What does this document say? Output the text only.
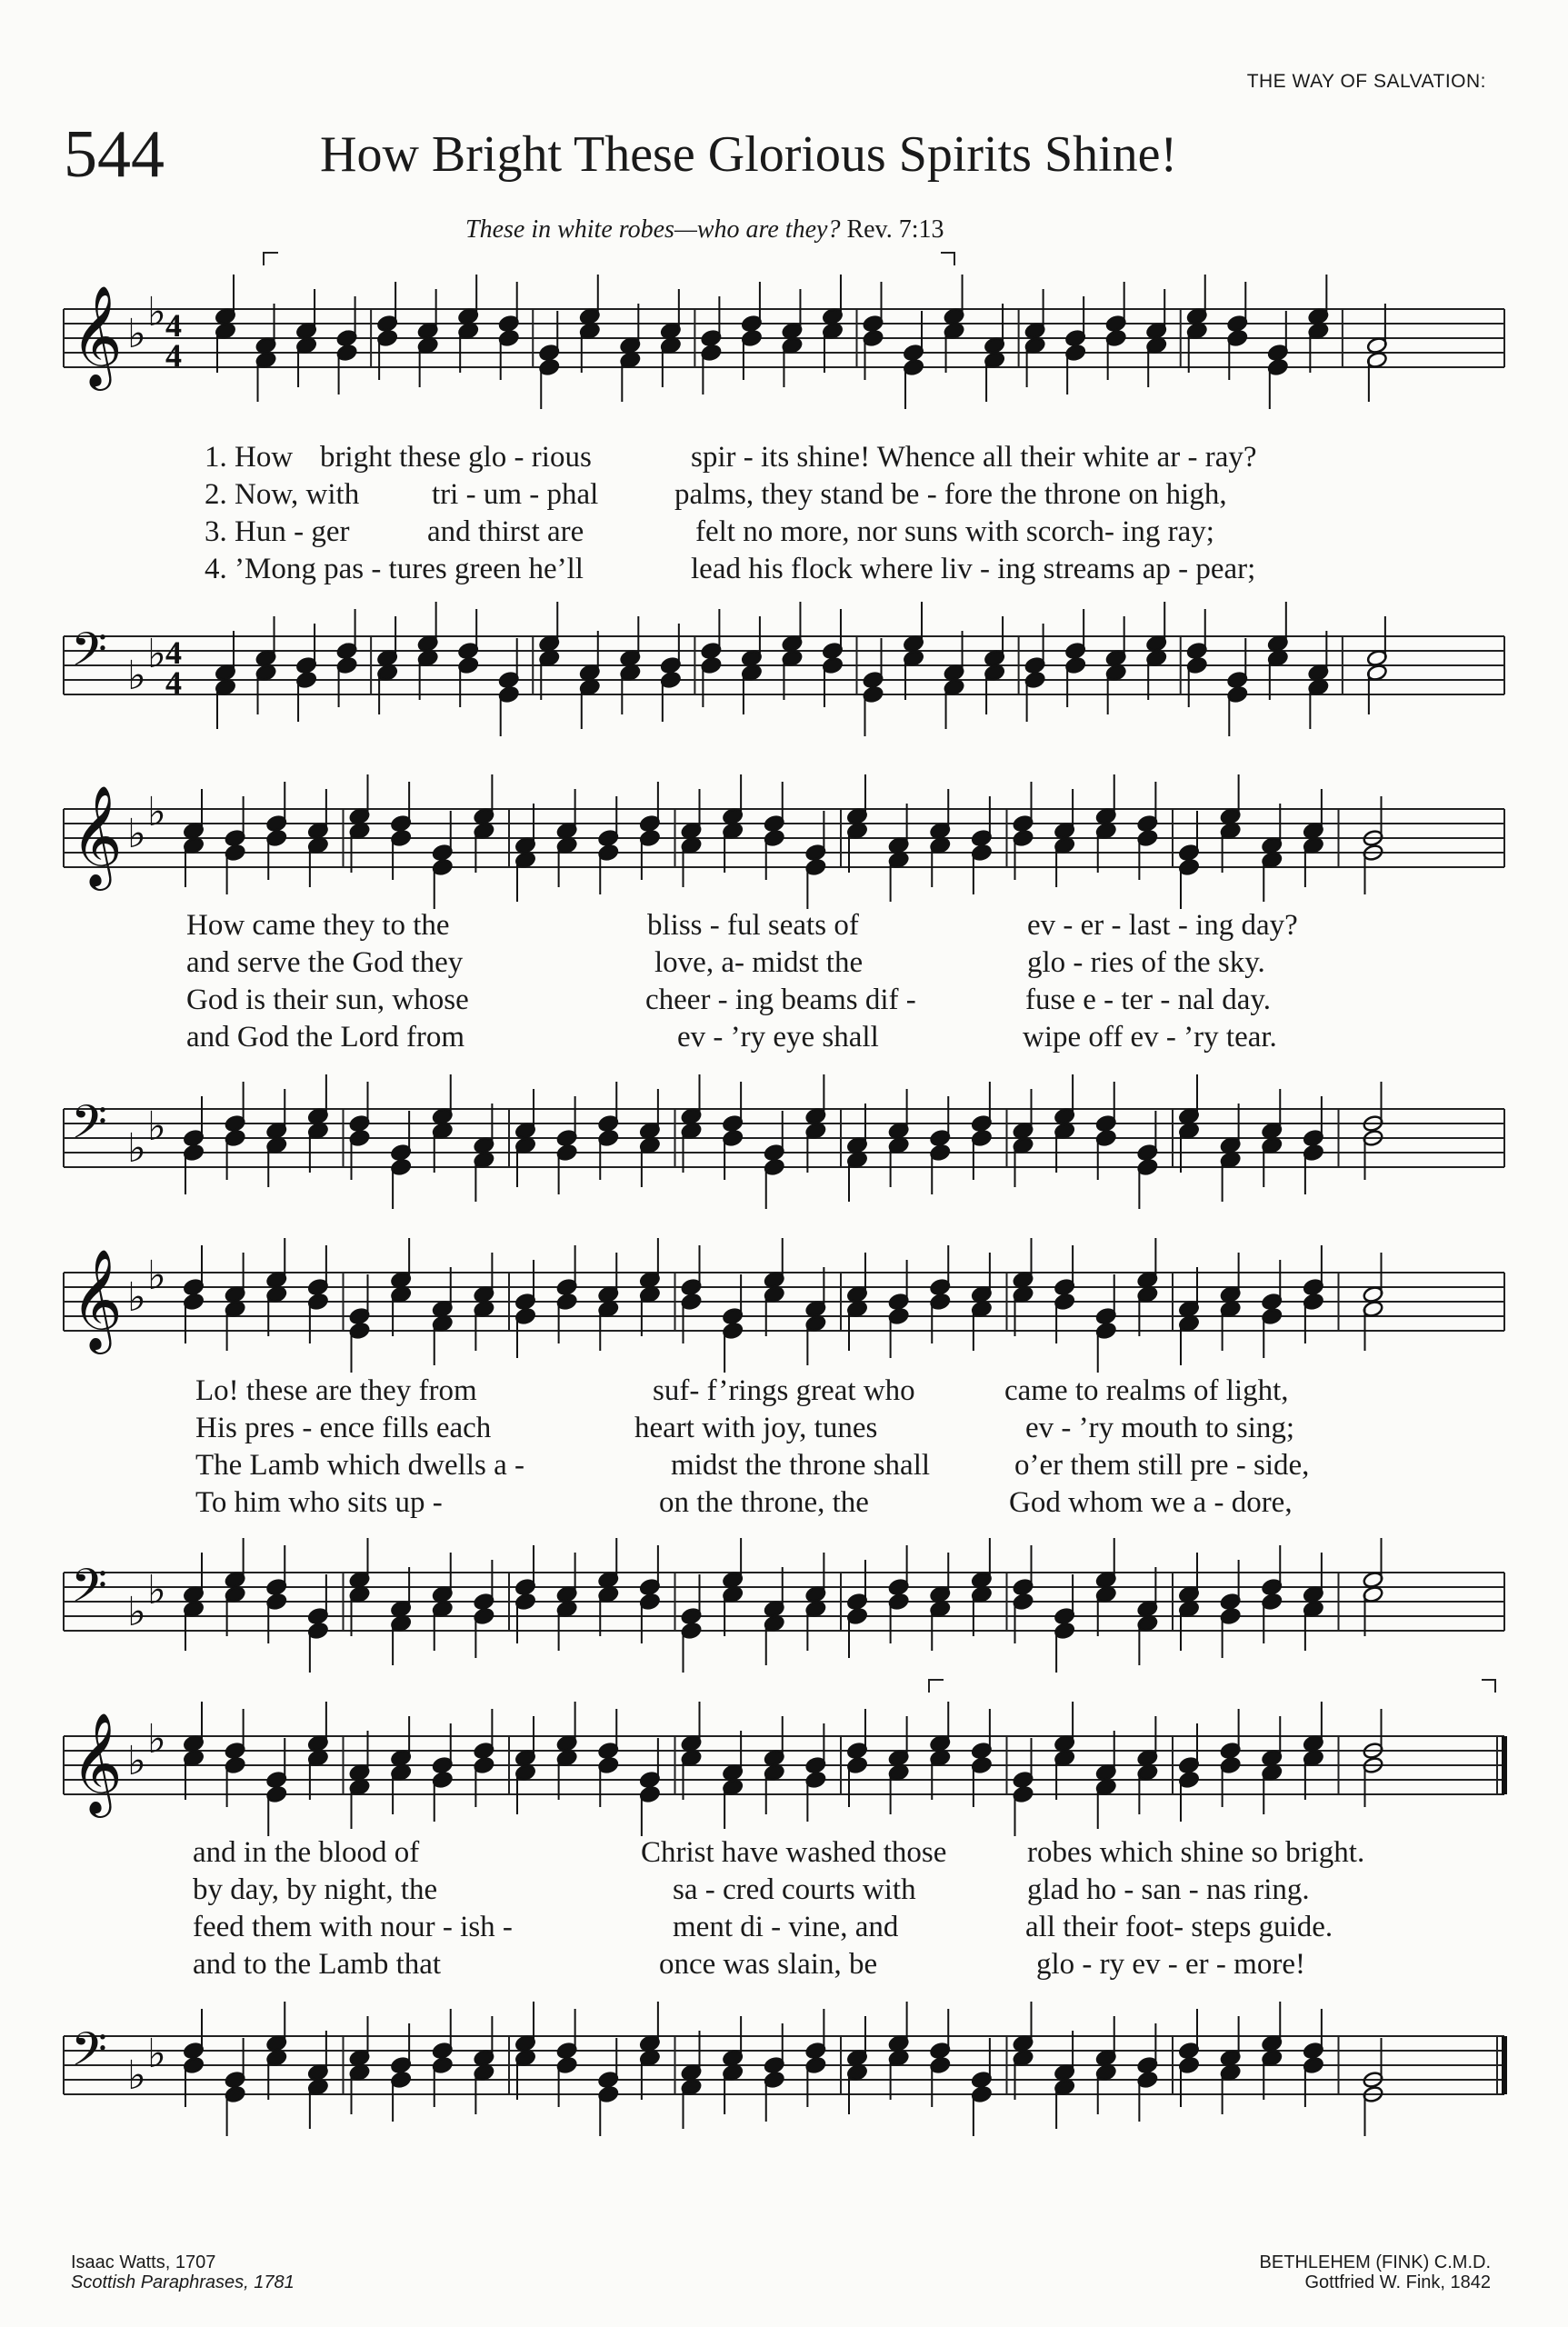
THE WAY OF SALVATION:
544	How Bright These Glorious Spirits Shine!
These in white robes—who are they? Rev. 7:13
𝄞 ♭ ♭ 4
4
1. How bright these glo - rious	spir - its shine! Whence all their white ar - ray?
2. Now, with tri - um - phal	palms, they stand be - fore the throne on high,
3. Hun - ger	and thirst are	felt no more, nor suns with scorch- ing ray;
4. ’Mong pas - tures green he’ll	lead his flock where liv - ing streams ap - pear;
𝄢 ♭ ♭ 4
4
𝄞 ♭ ♭
How came they to the	bliss - ful seats of	ev - er - last - ing day?
and serve the God they	love, a- midst the	glo - ries of the sky.
God is their sun, whose	cheer - ing beams dif -	fuse e - ter - nal day.
and God the Lord from	ev - ’ry eye shall	wipe off ev - ’ry tear.
𝄢 ♭ ♭
𝄞 ♭ ♭
Lo! these are they from	suf- f’rings great who	came to realms of light,
His pres - ence fills each	heart with joy, tunes	ev - ’ry mouth to sing;
The Lamb which dwells a -	midst the throne shall	o’er them still pre - side,
To him who sits up -	on the throne, the	God whom we a - dore,
𝄢 ♭ ♭
𝄞 ♭ ♭
and in the blood of	Christ have washed those	robes which shine so bright.
by day, by night, the	sa - cred courts with	glad ho - san - nas ring.
feed them with nour - ish -	ment di - vine, and	all their foot- steps guide.
and to the Lamb that	once was slain, be	glo - ry ev - er - more!
𝄢 ♭ ♭
Isaac Watts, 1707
Scottish Paraphrases, 1781
BETHLEHEM (FINK) C.M.D.
Gottfried W. Fink, 1842
